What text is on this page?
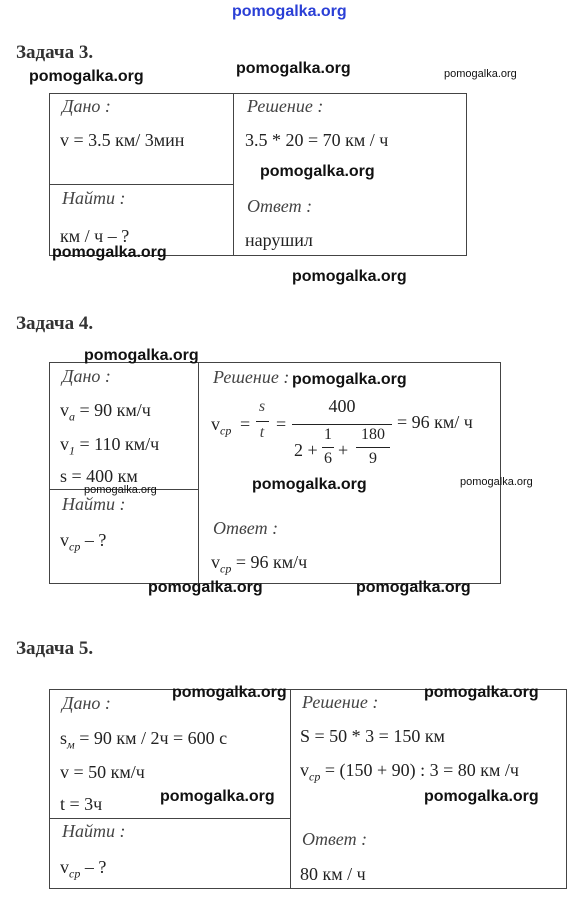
pomogalka.org
Задача 3.
Дано :
v = 3.5 км/ 3мин
Найти :
км / ч – ?
Решение :
3.5 * 20 = 70 км / ч
Ответ :
нарушил
pomogalka.org	pomogalka.org	pomogalka.org
pomogalka.org
pomogalka.org
pomogalka.org
Задача 4.
Дано :
$v_a = 90$ км/ч
$v_1 = 110$ км/ч
s = 400 км
Найти :
$v_{ср}$ – ?
Решение :
$v_{ср}$ =
s
t =
400
2 +
1
6 +
180
9
= 96 км/ ч
Ответ :
$v_{ср} = 96$ км/ч
pomogalka.org
pomogalka.org
pomogalka.org	pomogalka.org
pomogalka.org
pomogalka.org	pomogalka.org
Задача 5.
Дано :
$s_м = 90$ км / 2ч = 600 с
v = 50 км/ч
t = 3ч
Найти :
$v_{ср}$ – ?
Решение :
S = 50 * 3 = 150 км
$v_{ср} = (150 + 90)$ : 3 = 80 км /ч
Ответ :
80 км / ч
pomogalka.org	pomogalka.org
pomogalka.org	pomogalka.org
